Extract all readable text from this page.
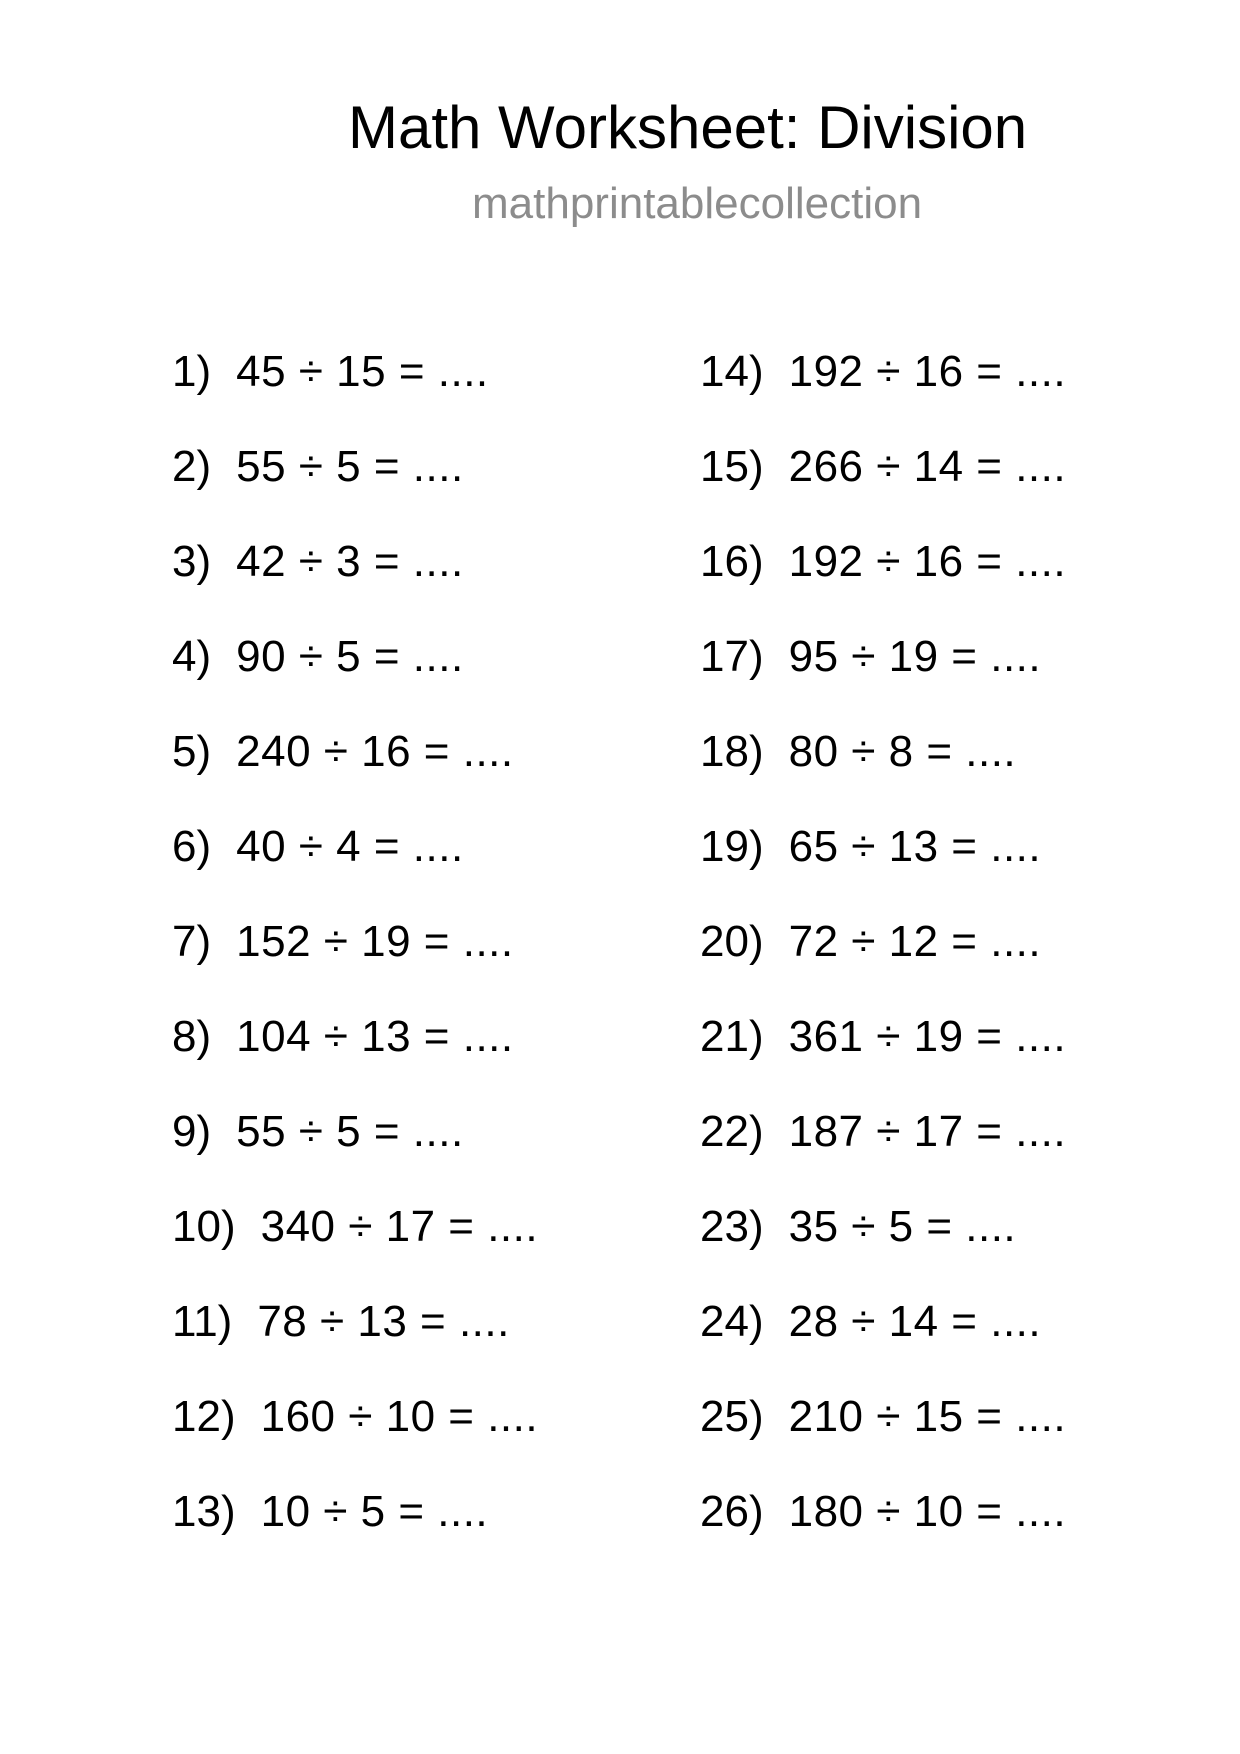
Math Worksheet: Division
mathprintablecollection
1) 45 ÷ 15 = ....
2) 55 ÷ 5 = ....
3) 42 ÷ 3 = ....
4) 90 ÷ 5 = ....
5) 240 ÷ 16 = ....
6) 40 ÷ 4 = ....
7) 152 ÷ 19 = ....
8) 104 ÷ 13 = ....
9) 55 ÷ 5 = ....
10) 340 ÷ 17 = ....
11) 78 ÷ 13 = ....
12) 160 ÷ 10 = ....
13) 10 ÷ 5 = ....
14) 192 ÷ 16 = ....
15) 266 ÷ 14 = ....
16) 192 ÷ 16 = ....
17) 95 ÷ 19 = ....
18) 80 ÷ 8 = ....
19) 65 ÷ 13 = ....
20) 72 ÷ 12 = ....
21) 361 ÷ 19 = ....
22) 187 ÷ 17 = ....
23) 35 ÷ 5 = ....
24) 28 ÷ 14 = ....
25) 210 ÷ 15 = ....
26) 180 ÷ 10 = ....
